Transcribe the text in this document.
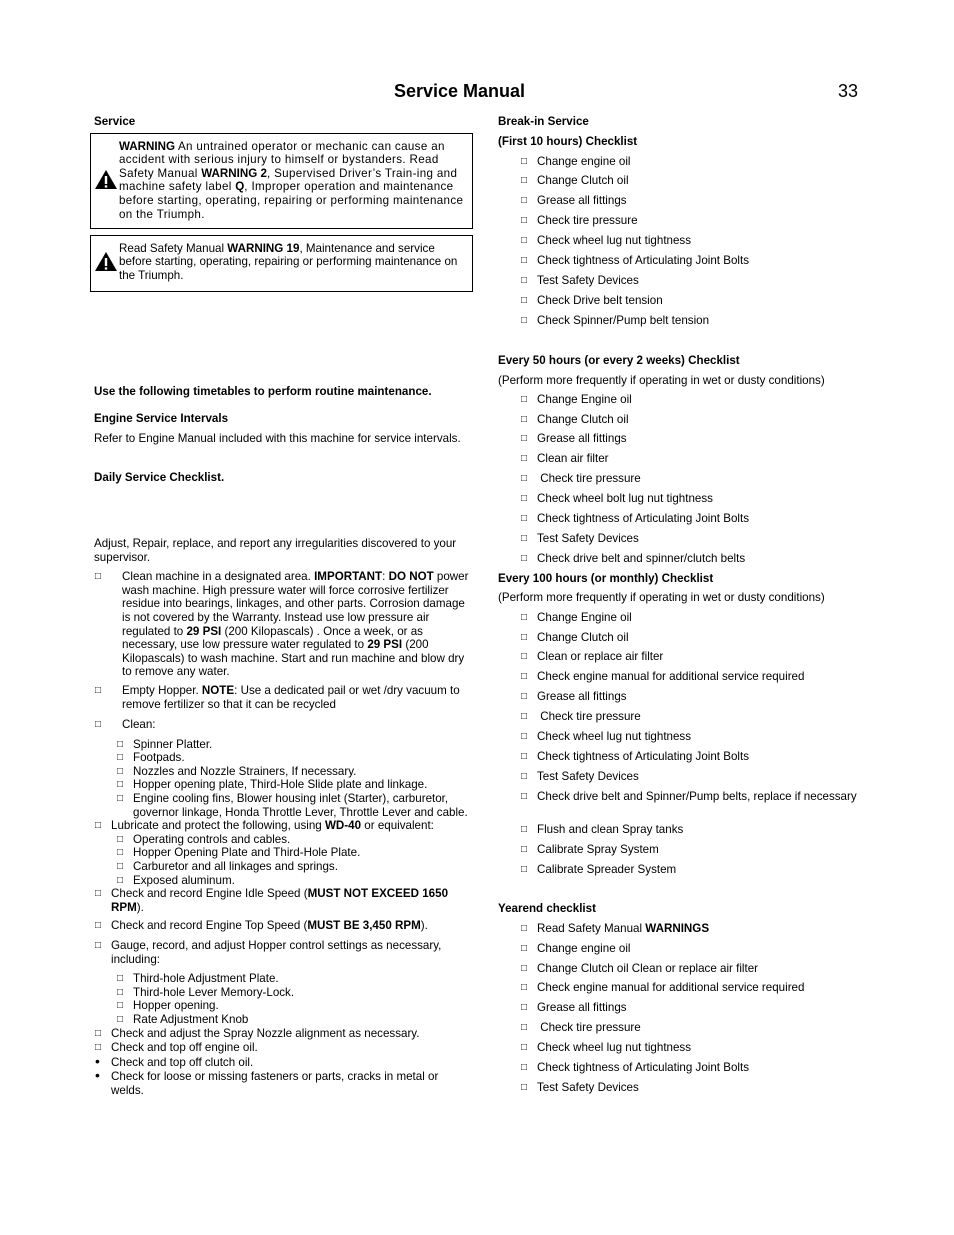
Service Manual	33

Service

WARNING An untrained operator or mechanic can cause an accident with serious injury to himself or bystanders. Read Safety Manual WARNING 2, Supervised Driver’s Train-ing and machine safety label Q, Improper operation and maintenance before starting, operating, repairing or performing maintenance on the Triumph.
Read Safety Manual WARNING 19, Maintenance and service before starting, operating, repairing or performing maintenance on the Triumph.

Use the following timetables to perform routine maintenance.

Engine Service Intervals

Refer to Engine Manual included with this machine for service intervals.

Daily Service Checklist.

Adjust, Repair, replace, and report any irregularities discovered to your supervisor.

□ Clean machine in a designated area. IMPORTANT: DO NOT power wash machine. High pressure water will force corrosive fertilizer residue into bearings, linkages, and other parts. Corrosion damage is not covered by the Warranty. Instead use low pressure air regulated to 29 PSI (200 Kilopascals) . Once a week, or as necessary, use low pressure water regulated to 29 PSI (200 Kilopascals) to wash machine. Start and run machine and blow dry to remove any water.
□ Empty Hopper. NOTE: Use a dedicated pail or wet /dry vacuum to remove fertilizer so that it can be recycled
□ Clean:
□ Spinner Platter.
□ Footpads.
□ Nozzles and Nozzle Strainers, If necessary.
□ Hopper opening plate, Third-Hole Slide plate and linkage.
□ Engine cooling fins, Blower housing inlet (Starter), carburetor, governor linkage, Honda Throttle Lever, Throttle Lever and cable.
□ Lubricate and protect the following, using WD-40 or equivalent:
□ Operating controls and cables.
□ Hopper Opening Plate and Third-Hole Plate.
□ Carburetor and all linkages and springs.
□ Exposed aluminum.
□ Check and record Engine Idle Speed (MUST NOT EXCEED 1650 RPM).
□ Check and record Engine Top Speed (MUST BE 3,450 RPM).
□ Gauge, record, and adjust Hopper control settings as necessary, including:
□ Third-hole Adjustment Plate.
□ Third-hole Lever Memory-Lock.
□ Hopper opening.
□ Rate Adjustment Knob
□ Check and adjust the Spray Nozzle alignment as necessary.
□ Check and top off engine oil.
• Check and top off clutch oil.
• Check for loose or missing fasteners or parts, cracks in metal or welds.

Break-in Service

(First 10 hours) Checklist

□ Change engine oil
□ Change Clutch oil
□ Grease all fittings
□ Check tire pressure
□ Check wheel lug nut tightness
□ Check tightness of Articulating Joint Bolts
□ Test Safety Devices
□ Check Drive belt tension
□ Check Spinner/Pump belt tension

Every 50 hours (or every 2 weeks) Checklist

(Perform more frequently if operating in wet or dusty conditions)

□ Change Engine oil
□ Change Clutch oil
□ Grease all fittings
□ Clean air filter
□ Check tire pressure
□ Check wheel bolt lug nut tightness
□ Check tightness of Articulating Joint Bolts
□ Test Safety Devices
□ Check drive belt and spinner/clutch belts

Every 100 hours (or monthly) Checklist

(Perform more frequently if operating in wet or dusty conditions)

□ Change Engine oil
□ Change Clutch oil
□ Clean or replace air filter
□ Check engine manual for additional service required
□ Grease all fittings
□ Check tire pressure
□ Check wheel lug nut tightness
□ Check tightness of Articulating Joint Bolts
□ Test Safety Devices
□ Check drive belt and Spinner/Pump belts, replace if necessary
□ Flush and clean Spray tanks
□ Calibrate Spray System
□ Calibrate Spreader System

Yearend checklist

□ Read Safety Manual WARNINGS
□ Change engine oil
□ Change Clutch oil Clean or replace air filter
□ Check engine manual for additional service required
□ Grease all fittings
□ Check tire pressure
□ Check wheel lug nut tightness
□ Check tightness of Articulating Joint Bolts
□ Test Safety Devices
